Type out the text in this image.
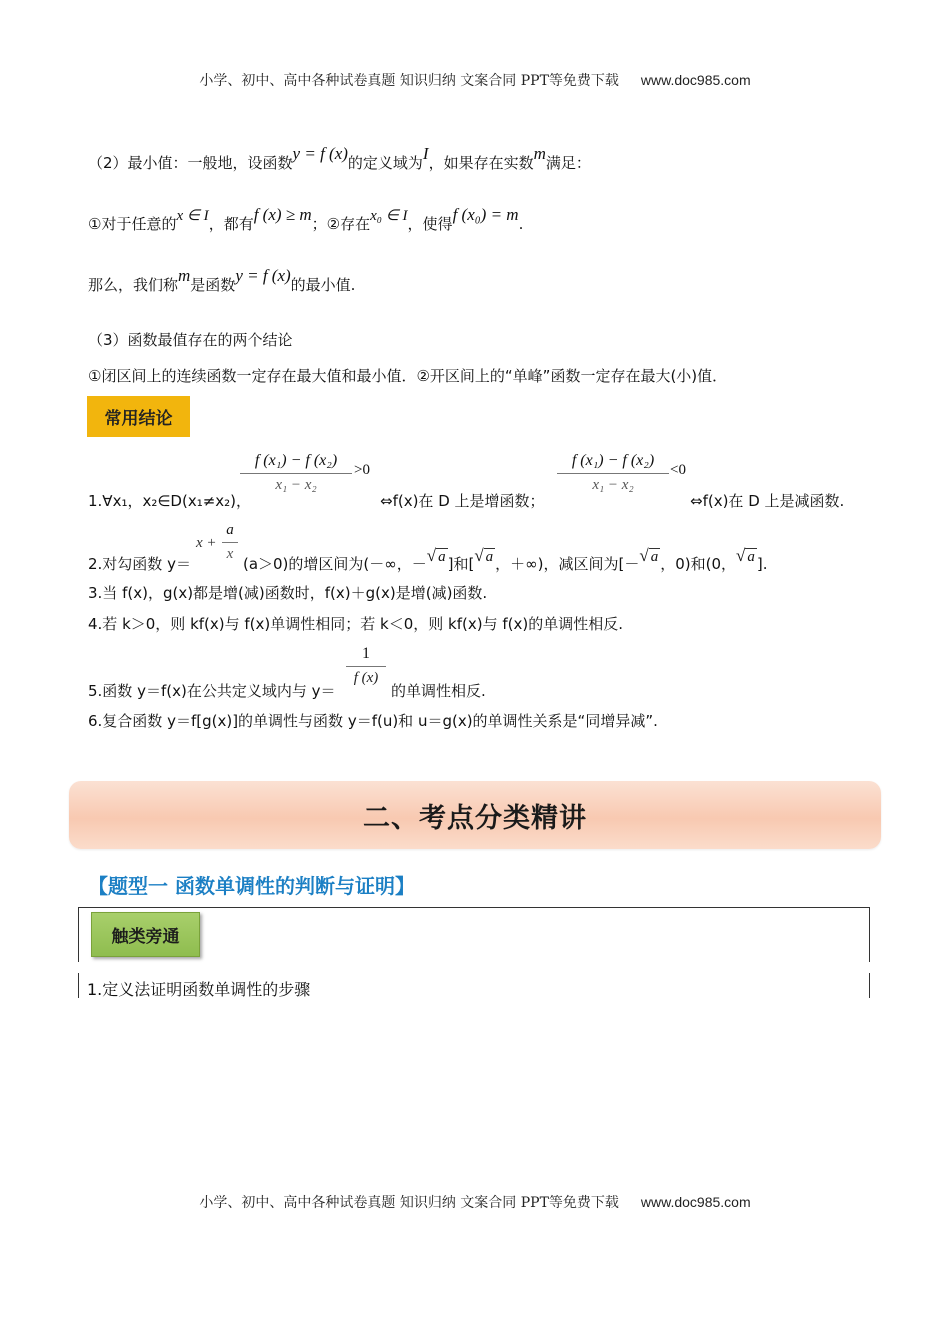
小学、初中、高中各种试卷真题 知识归纳 文案合同 PPT等免费下载 www.doc985.com
（2）最小值：一般地，设函数y = f (x)的定义域为I，如果存在实数m满足：
①对于任意的x ∈ I，都有f (x) ≥ m；②存在x₀ ∈ I，使得f (x₀) = m.
那么，我们称m是函数y = f (x)的最小值.
（3）函数最值存在的两个结论
①闭区间上的连续函数一定存在最大值和最小值．②开区间上的“单峰”函数一定存在最大(小)值．
常用结论
f (x₁) − f (x₂)
x₁ − x₂
>0
f (x₁) − f (x₂)
x₁ − x₂
<0
1.∀x₁，x₂∈D(x₁≠x₂)，	⇔f(x)在 D 上是增函数；	⇔f(x)在 D 上是减函数.
x +
a
x
2.对勾函数 y＝	(a＞0)的增区间为(－∞，－√ a ]和[√ a ，＋∞)，减区间为[－√ a ，0)和(0，√ a ].
3.当 f(x)，g(x)都是增(减)函数时，f(x)＋g(x)是增(减)函数.
4.若 k＞0，则 kf(x)与 f(x)单调性相同；若 k＜0，则 kf(x)与 f(x)的单调性相反.
1
f (x)
5.函数 y＝f(x)在公共定义域内与 y＝	的单调性相反.
6.复合函数 y＝f[g(x)]的单调性与函数 y＝f(u)和 u＝g(x)的单调性关系是“同增异减”.
二、考点分类精讲
【题型一 函数单调性的判断与证明】
触类旁通
1.定义法证明函数单调性的步骤
小学、初中、高中各种试卷真题 知识归纳 文案合同 PPT等免费下载 www.doc985.com
